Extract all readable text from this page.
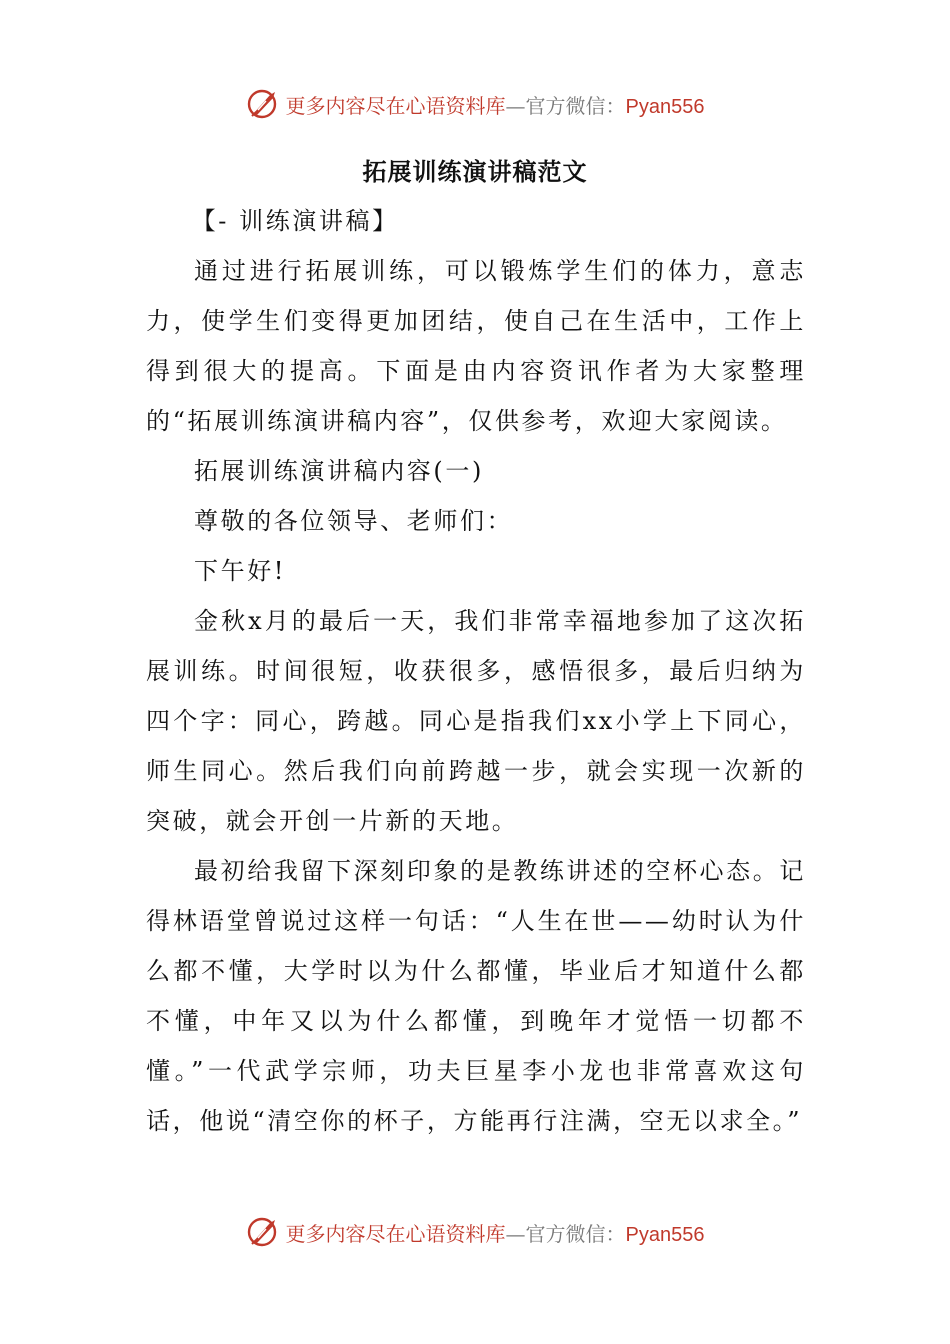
更多内容尽在心语资料库—官方微信：Pyan556
拓展训练演讲稿范文

【- 训练演讲稿】

通过进行拓展训练，可以锻炼学生们的体力，意志力，使学生们变得更加团结，使自己在生活中，工作上得到很大的提高。下面是由内容资讯作者为大家整理的“拓展训练演讲稿内容”，仅供参考，欢迎大家阅读。

拓展训练演讲稿内容(一)

尊敬的各位领导、老师们：

下午好!

金秋x月的最后一天，我们非常幸福地参加了这次拓展训练。时间很短，收获很多，感悟很多，最后归纳为四个字：同心，跨越。同心是指我们xx小学上下同心，师生同心。然后我们向前跨越一步，就会实现一次新的突破，就会开创一片新的天地。

最初给我留下深刻印象的是教练讲述的空杯心态。记得林语堂曾说过这样一句话：“人生在世——幼时认为什么都不懂，大学时以为什么都懂，毕业后才知道什么都不懂，中年又以为什么都懂，到晚年才觉悟一切都不懂。”一代武学宗师，功夫巨星李小龙也非常喜欢这句话，他说“清空你的杯子，方能再行注满，空无以求全。”

更多内容尽在心语资料库—官方微信：Pyan556
